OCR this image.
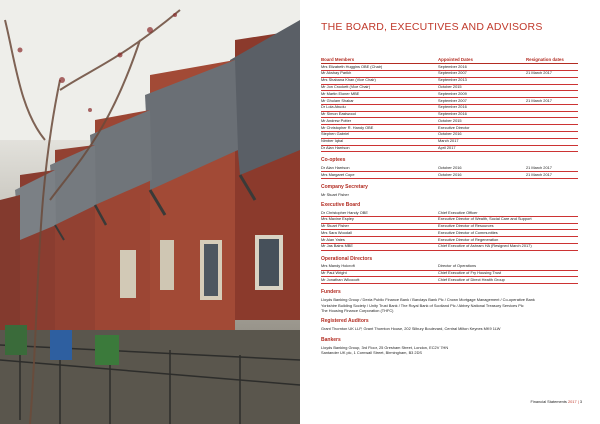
THE BOARD, EXECUTIVES AND ADVISORS
Board Members	Appointed Dates	Resignation dates
Mrs Elizabeth Huggins OBE (Chair)	September 2016	
Mr Akshay Parikh	September 2007	21 March 2017
Mrs Shabana Khan (Vice Chair)	September 2013	
Mr Jon Crockett (Vice Chair)	October 2015	
Mr Martin Eloner MBE	September 2009	
Mr Ghulam Shakar	September 2007	21 March 2017
Dr Lola Abudu	September 2016	
Mr Simon Eastwood	September 2016	
Mr Andrew Potter	October 2015	
Mr Christopher R. Handy OBE	Executive Director	
Stephen Gabriel	October 2016	
Nimber Iqbal	March 2017	
Dr Alan Harrison	April 2017	
Co-optees
Dr Alan Harrison	October 2016	21 March 2017
Mrs Margaret Cope	October 2016	21 March 2017
Company Secretary
Mr Stuart Fisher
Executive Board
Dr Christopher Handy OBE	Chief Executive Officer
Mrs Maxine Espley	Executive Director of Wealth, Social Care and Support
Mr Stuart Fisher	Executive Director of Resources
Mrs Sara Woodall	Executive Director of Communities
Mr Alan Yates	Executive Director of Regeneration
Mr Jas Bains MBE	Chief Executive of Ashram HA (Resigned March 2017)
Operational Directors
Mrs Mandy Holcroft	Director of Operations
Mr Paul Wright	Chief Executive of Fry Housing Trust
Mr Jonathan Wilcocott	Chief Executive of Direct Health Group
Funders
Lloyds Banking Group / Dexia Public Finance Bank / Barclays Bank Plc / Crown Mortgage Management / Co-operative Bank
Yorkshire Building Society / Unity Trust Bank / The Royal Bank of Scotland Plc / Abbey National Treasury Services Plc
The Housing Finance Corporation (THFC)
Registered Auditors
Grant Thornton UK LLP, Grant Thornton House, 202 Silbury Boulevard, Central Milton Keynes MK9 1LW
Bankers
Lloyds Banking Group, 3rd Floor, 25 Gresham Street, London, EC2V 7HN
Santander UK plc, 1 Cornwall Street, Birmingham, B3 2DS
Financial Statements 2017 | 3
